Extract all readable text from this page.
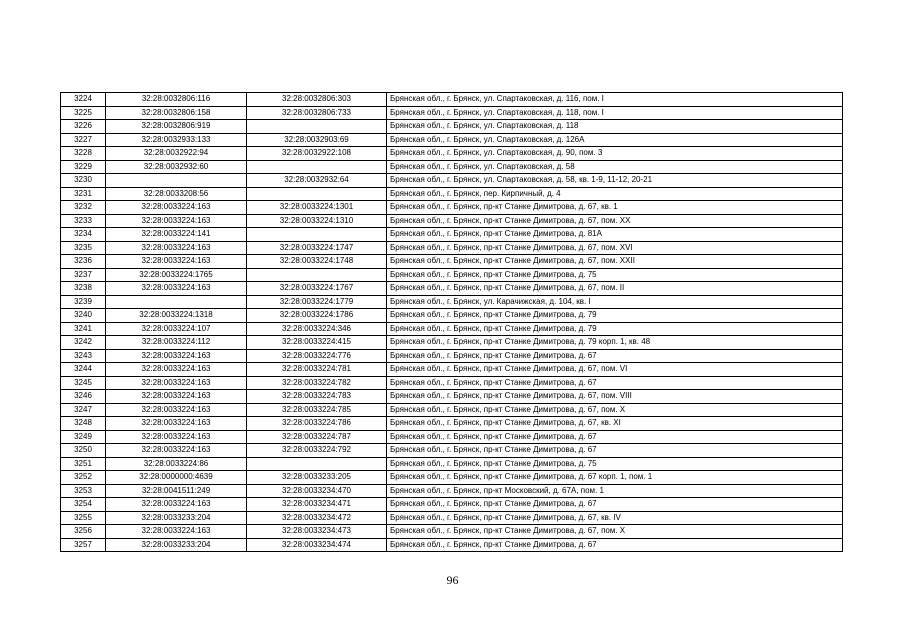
3224	32:28:0032806:116	32:28:0032806:303	Брянская обл., г. Брянск, ул. Спартаковская, д. 116, пом. I
3225	32:28:0032806:158	32:28:0032806:733	Брянская обл., г. Брянск, ул. Спартаковская, д. 118, пом. I
3226	32:28:0032806:919		Брянская обл., г. Брянск, ул. Спартаковская, д. 118
3227	32:28:0032933:133	32:28:0032903:69	Брянская обл., г. Брянск, ул. Спартаковская, д. 126А
3228	32:28:0032922:94	32:28:0032922:108	Брянская обл., г. Брянск, ул. Спартаковская, д. 90, пом. 3
3229	32:28:0032932:60		Брянская обл., г. Брянск, ул. Спартаковская, д. 58
3230		32:28:0032932:64	Брянская обл., г. Брянск, ул. Спартаковская, д. 58, кв. 1-9, 11-12, 20-21
3231	32:28:0033208:56		Брянская обл., г. Брянск, пер. Кирпичный, д. 4
3232	32:28:0033224:163	32:28:0033224:1301	Брянская обл., г. Брянск, пр-кт Станке Димитрова, д. 67, кв. 1
3233	32:28:0033224:163	32:28:0033224:1310	Брянская обл., г. Брянск, пр-кт Станке Димитрова, д. 67, пом. XX
3234	32:28:0033224:141		Брянская обл., г. Брянск, пр-кт Станке Димитрова, д. 81А
3235	32:28:0033224:163	32:28:0033224:1747	Брянская обл., г. Брянск, пр-кт Станке Димитрова, д. 67, пом. XVI
3236	32:28:0033224:163	32:28:0033224:1748	Брянская обл., г. Брянск, пр-кт Станке Димитрова, д. 67, пом. XXII
3237	32:28:0033224:1765		Брянская обл., г. Брянск, пр-кт Станке Димитрова, д. 75
3238	32:28:0033224:163	32:28:0033224:1767	Брянская обл., г. Брянск, пр-кт Станке Димитрова, д. 67, пом. II
3239		32:28:0033224:1779	Брянская обл., г. Брянск, ул. Карачижская, д. 104, кв. I
3240	32:28:0033224:1318	32:28:0033224:1786	Брянская обл., г. Брянск, пр-кт Станке Димитрова, д. 79
3241	32:28:0033224:107	32:28:0033224:346	Брянская обл., г. Брянск, пр-кт Станке Димитрова, д. 79
3242	32:28:0033224:112	32:28:0033224:415	Брянская обл., г. Брянск, пр-кт Станке Димитрова, д. 79 корп. 1, кв. 48
3243	32:28:0033224:163	32:28:0033224:776	Брянская обл., г. Брянск, пр-кт Станке Димитрова, д. 67
3244	32:28:0033224:163	32:28:0033224:781	Брянская обл., г. Брянск, пр-кт Станке Димитрова, д. 67, пом. VI
3245	32:28:0033224:163	32:28:0033224:782	Брянская обл., г. Брянск, пр-кт Станке Димитрова, д. 67
3246	32:28:0033224:163	32:28:0033224:783	Брянская обл., г. Брянск, пр-кт Станке Димитрова, д. 67, пом. VIII
3247	32:28:0033224:163	32:28:0033224:785	Брянская обл., г. Брянск, пр-кт Станке Димитрова, д. 67, пом. X
3248	32:28:0033224:163	32:28:0033224:786	Брянская обл., г. Брянск, пр-кт Станке Димитрова, д. 67, кв. XI
3249	32:28:0033224:163	32:28:0033224:787	Брянская обл., г. Брянск, пр-кт Станке Димитрова, д. 67
3250	32:28:0033224:163	32:28:0033224:792	Брянская обл., г. Брянск, пр-кт Станке Димитрова, д. 67
3251	32:28:0033224:86		Брянская обл., г. Брянск, пр-кт Станке Димитрова, д. 75
3252	32:28:0000000:4639	32:28:0033233:205	Брянская обл., г. Брянск, пр-кт Станке Димитрова, д. 67 корп. 1, пом. 1
3253	32:28:0041511:249	32:28:0033234:470	Брянская обл., г. Брянск, пр-кт Московский, д. 67А, пом. 1
3254	32:28:0033224:163	32:28:0033234:471	Брянская обл., г. Брянск, пр-кт Станке Димитрова, д. 67
3255	32:28:0033233:204	32:28:0033234:472	Брянская обл., г. Брянск, пр-кт Станке Димитрова, д. 67, кв. IV
3256	32:28:0033224:163	32:28:0033234:473	Брянская обл., г. Брянск, пр-кт Станке Димитрова, д. 67, пом. X
3257	32:28:0033233:204	32:28:0033234:474	Брянская обл., г. Брянск, пр-кт Станке Димитрова, д. 67
96
